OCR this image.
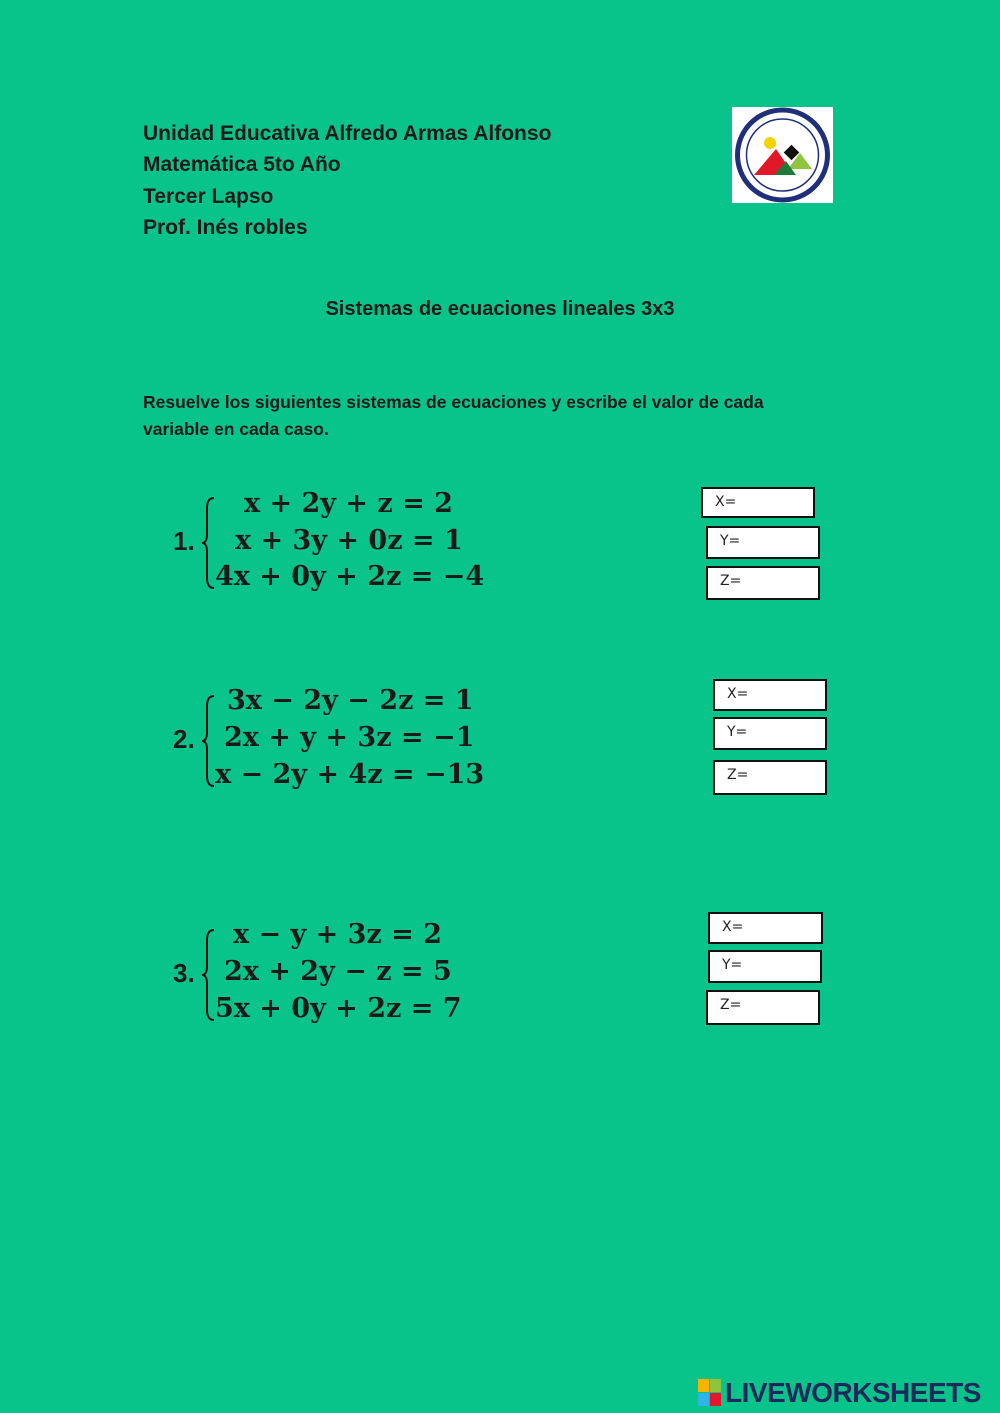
Unidad Educativa Alfredo Armas Alfonso
Matemática 5to Año
Tercer Lapso
Prof. Inés robles
Sistemas de ecuaciones lineales 3x3
Resuelve los siguientes sistemas de ecuaciones y escribe el valor de cada variable en cada caso.
1.
x + 2y + z = 2
x + 3y + 0z = 1
4x + 0y + 2z = −4
X=
Y=
Z=
2.
3x − 2y − 2z = 1
2x + y + 3z = −1
x − 2y + 4z = −13
X=
Y=
Z=
3.
x − y + 3z = 2
2x + 2y − z = 5
5x + 0y + 2z = 7
X=
Y=
Z=
LIVEWORKSHEETS
